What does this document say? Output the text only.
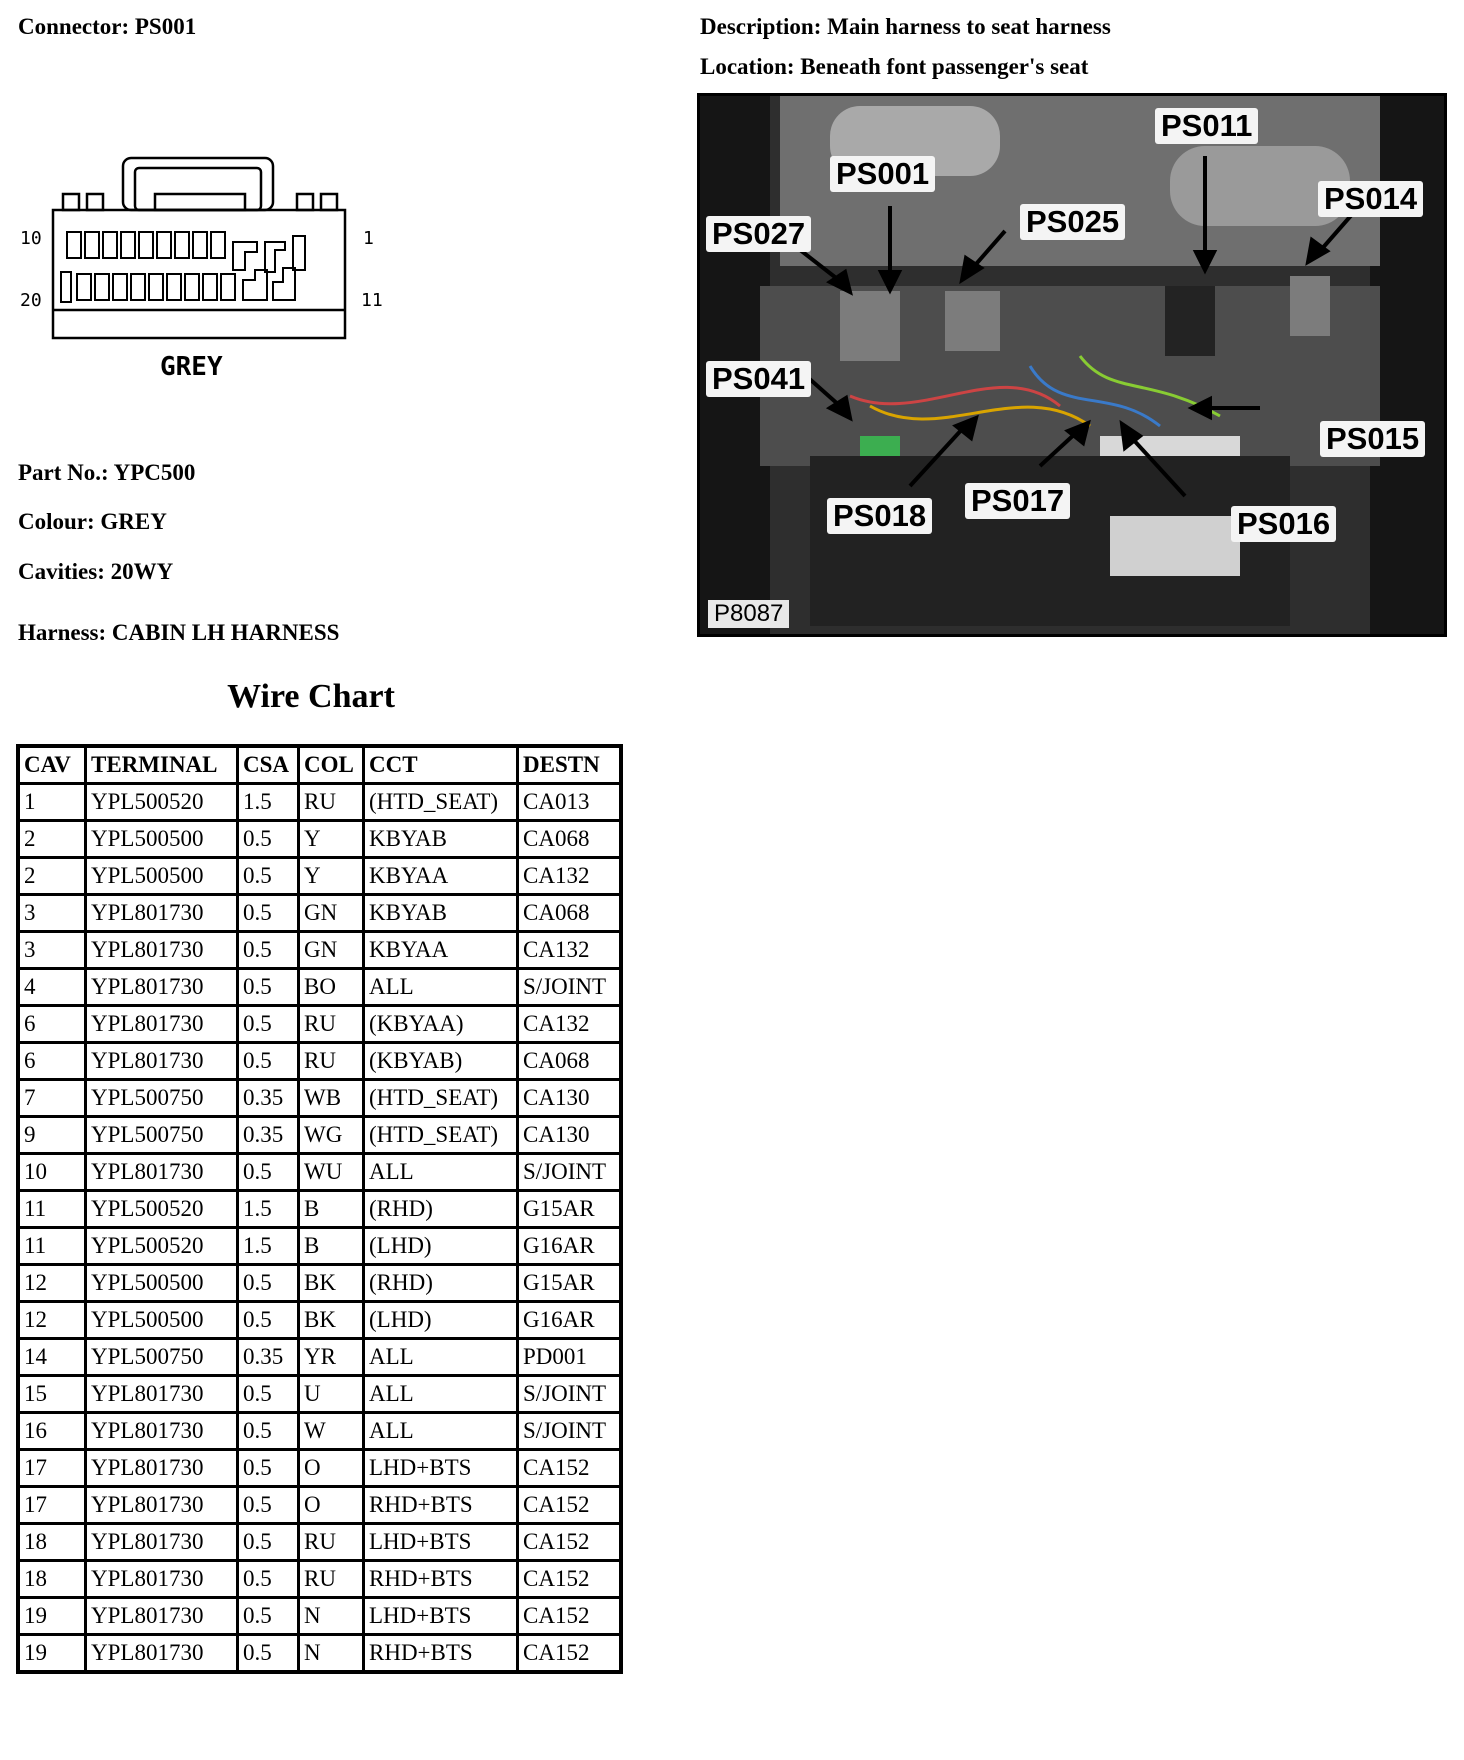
Connector: PS001	Description: Main harness to seat harness
Location: Beneath font passenger's seat
10	1
20	11
GREY
Part No.: YPC500
Colour: GREY
Cavities: 20WY
Harness: CABIN LH HARNESS
Wire Chart
CAV	TERMINAL	CSA	COL	CCT	DESTN
1	YPL500520	1.5	RU	(HTD_SEAT)	CA013
2	YPL500500	0.5	Y	KBYAB	CA068
2	YPL500500	0.5	Y	KBYAA	CA132
3	YPL801730	0.5	GN	KBYAB	CA068
3	YPL801730	0.5	GN	KBYAA	CA132
4	YPL801730	0.5	BO	ALL	S/JOINT
6	YPL801730	0.5	RU	(KBYAA)	CA132
6	YPL801730	0.5	RU	(KBYAB)	CA068
7	YPL500750	0.35	WB	(HTD_SEAT)	CA130
9	YPL500750	0.35	WG	(HTD_SEAT)	CA130
10	YPL801730	0.5	WU	ALL	S/JOINT
11	YPL500520	1.5	B	(RHD)	G15AR
11	YPL500520	1.5	B	(LHD)	G16AR
12	YPL500500	0.5	BK	(RHD)	G15AR
12	YPL500500	0.5	BK	(LHD)	G16AR
14	YPL500750	0.35	YR	ALL	PD001
15	YPL801730	0.5	U	ALL	S/JOINT
16	YPL801730	0.5	W	ALL	S/JOINT
17	YPL801730	0.5	O	LHD+BTS	CA152
17	YPL801730	0.5	O	RHD+BTS	CA152
18	YPL801730	0.5	RU	LHD+BTS	CA152
18	YPL801730	0.5	RU	RHD+BTS	CA152
19	YPL801730	0.5	N	LHD+BTS	CA152
19	YPL801730	0.5	N	RHD+BTS	CA152
PS001
PS011
PS027	PS025
PS014
PS041
PS015
PS018 PS017
PS016
P8087
